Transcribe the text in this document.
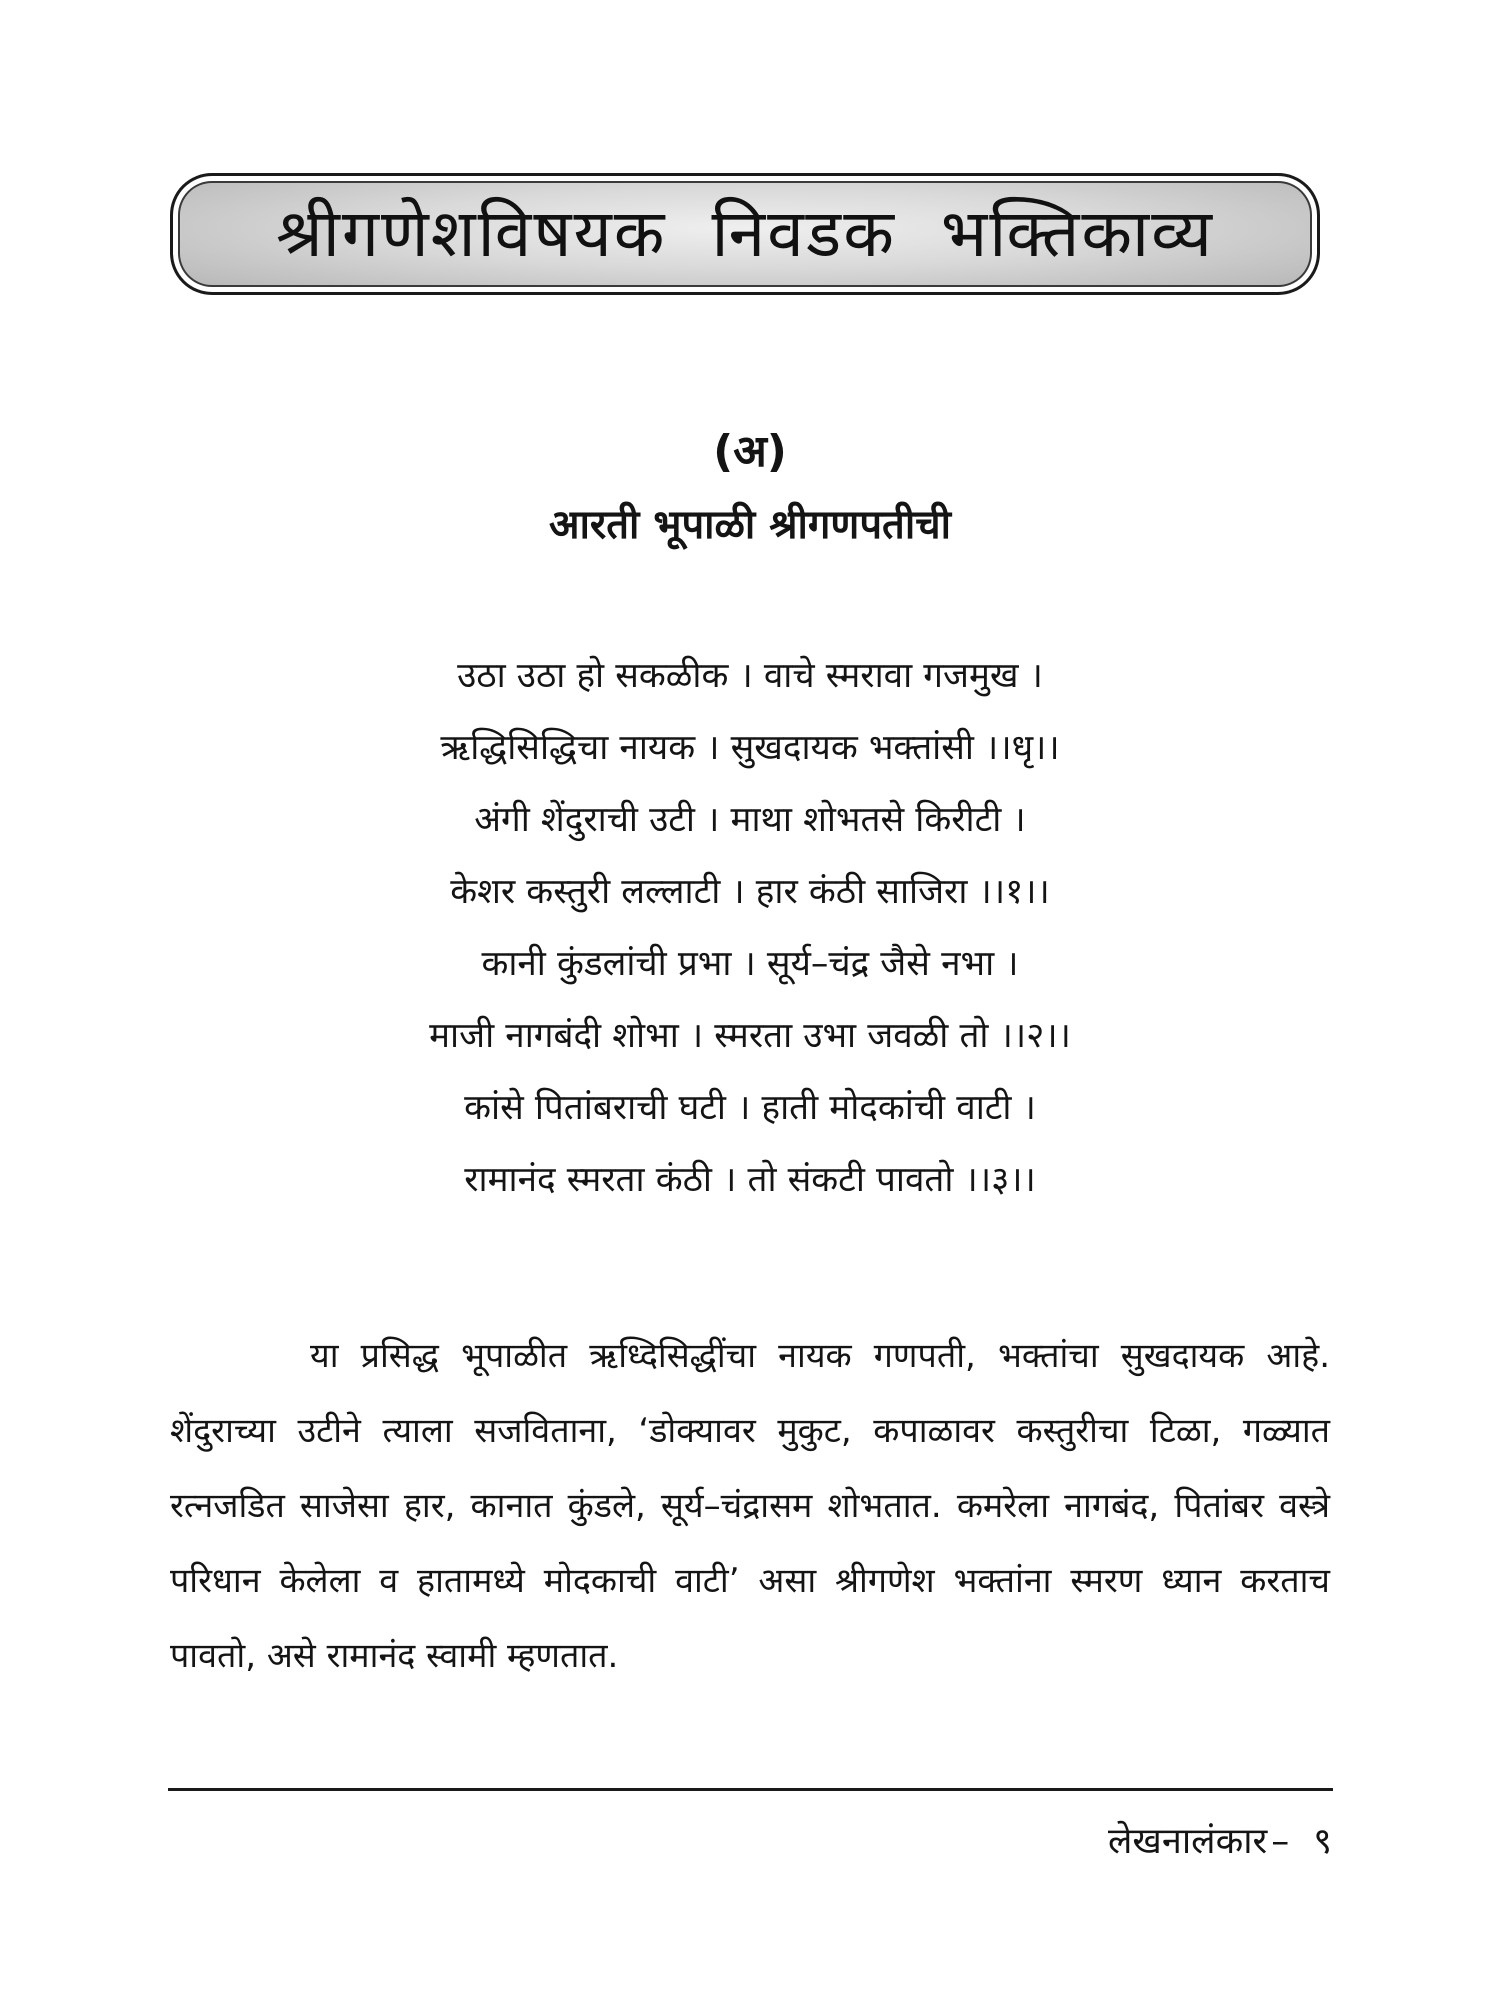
श्रीगणेशविषयक निवडक भक्तिकाव्य
(अ)
आरती भूपाळी श्रीगणपतीची
उठा उठा हो सकळीक । वाचे स्मरावा गजमुख ।
ऋद्धिसिद्धिचा नायक । सुखदायक भक्तांसी ।।धृ।।
अंगी शेंदुराची उटी । माथा शोभतसे किरीटी ।
केशर कस्तुरी लल्लाटी । हार कंठी साजिरा ।।१।।
कानी कुंडलांची प्रभा । सूर्य–चंद्र जैसे नभा ।
माजी नागबंदी शोभा । स्मरता उभा जवळी तो ।।२।।
कांसे पितांबराची घटी । हाती मोदकांची वाटी ।
रामानंद स्मरता कंठी । तो संकटी पावतो ।।३।।

या प्रसिद्ध भूपाळीत ऋध्दिसिद्धींचा नायक गणपती, भक्तांचा सुखदायक आहे. शेंदुराच्या उटीने त्याला सजविताना, ‘डोक्यावर मुकुट, कपाळावर कस्तुरीचा टिळा, गळ्यात रत्नजडित साजेसा हार, कानात कुंडले, सूर्य–चंद्रासम शोभतात. कमरेला नागबंद, पितांबर वस्त्रे परिधान केलेला व हातामध्ये मोदकाची वाटी’ असा श्रीगणेश भक्तांना स्मरण ध्यान करताच पावतो, असे रामानंद स्वामी म्हणतात.

लेखनालंकार – ९
